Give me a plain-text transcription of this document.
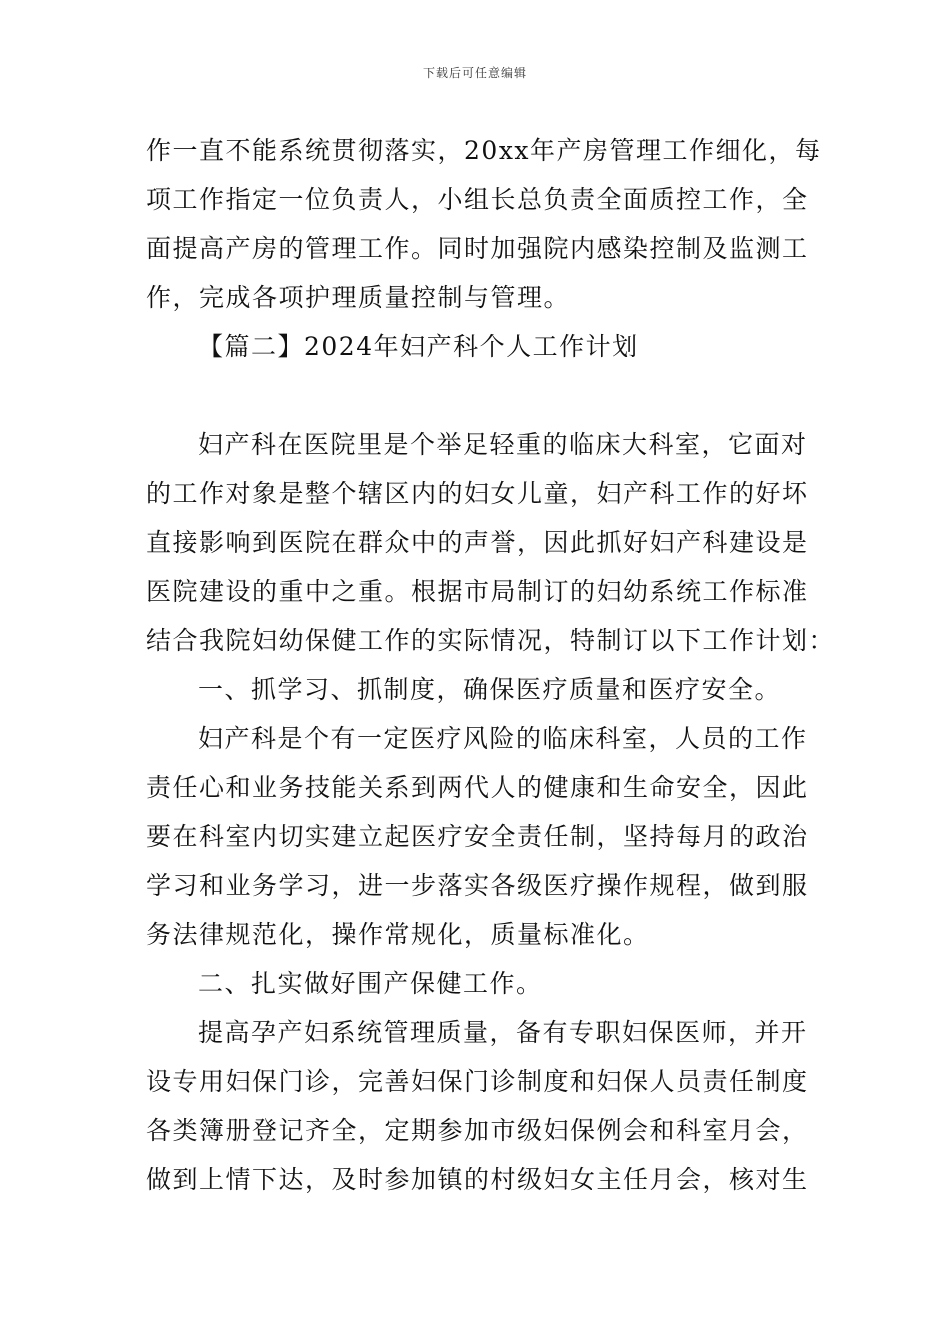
下载后可任意编辑
作一直不能系统贯彻落实，20xx年产房管理工作细化，每
项工作指定一位负责人，小组长总负责全面质控工作，全
面提高产房的管理工作。同时加强院内感染控制及监测工
作，完成各项护理质量控制与管理。
【篇二】2024年妇产科个人工作计划
妇产科在医院里是个举足轻重的临床大科室，它面对
的工作对象是整个辖区内的妇女儿童，妇产科工作的好坏
直接影响到医院在群众中的声誉，因此抓好妇产科建设是
医院建设的重中之重。根据市局制订的妇幼系统工作标准
结合我院妇幼保健工作的实际情况，特制订以下工作计划：
一、抓学习、抓制度，确保医疗质量和医疗安全。
妇产科是个有一定医疗风险的临床科室，人员的工作
责任心和业务技能关系到两代人的健康和生命安全，因此
要在科室内切实建立起医疗安全责任制，坚持每月的政治
学习和业务学习，进一步落实各级医疗操作规程，做到服
务法律规范化，操作常规化，质量标准化。
二、扎实做好围产保健工作。
提高孕产妇系统管理质量，备有专职妇保医师，并开
设专用妇保门诊，完善妇保门诊制度和妇保人员责任制度
各类簿册登记齐全，定期参加市级妇保例会和科室月会，
做到上情下达，及时参加镇的村级妇女主任月会，核对生
